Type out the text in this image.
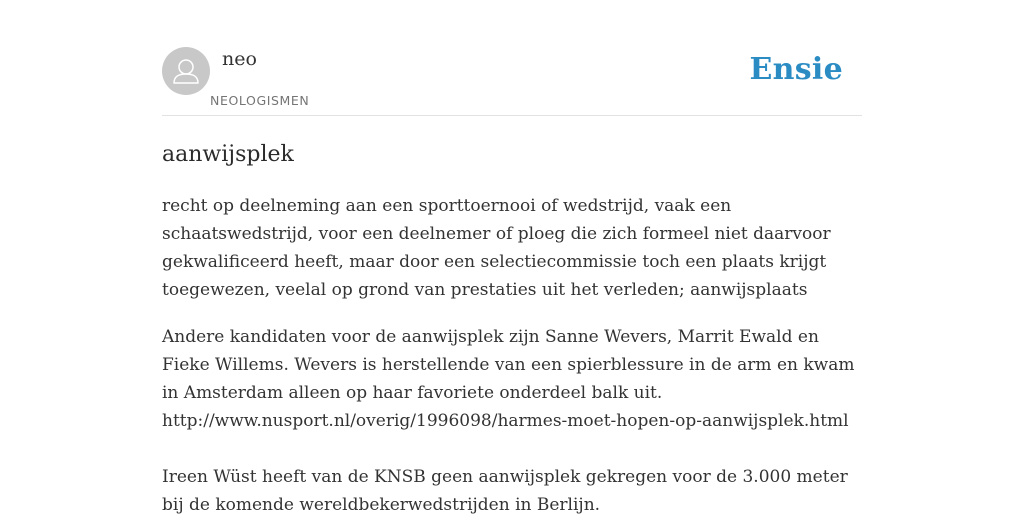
neo
NEOLOGISMEN
Ensie
aanwijsplek

recht op deelneming aan een sporttoernooi of wedstrijd, vaak een schaatswedstrijd, voor een deelnemer of ploeg die zich formeel niet daarvoor gekwalificeerd heeft, maar door een selectiecommissie toch een plaats krijgt toegewezen, veelal op grond van prestaties uit het verleden; aanwijsplaats

Andere kandidaten voor de aanwijsplek zijn Sanne Wevers, Marrit Ewald en Fieke Willems. Wevers is herstellende van een spierblessure in de arm en kwam in Amsterdam alleen op haar favoriete onderdeel balk uit.

http://www.nusport.nl/overig/1996098/harmes-moet-hopen-op-aanwijsplek.html

Ireen Wüst heeft van de KNSB geen aanwijsplek gekregen voor de 3.000 meter bij de komende wereldbekerwedstrijden in Berlijn.
